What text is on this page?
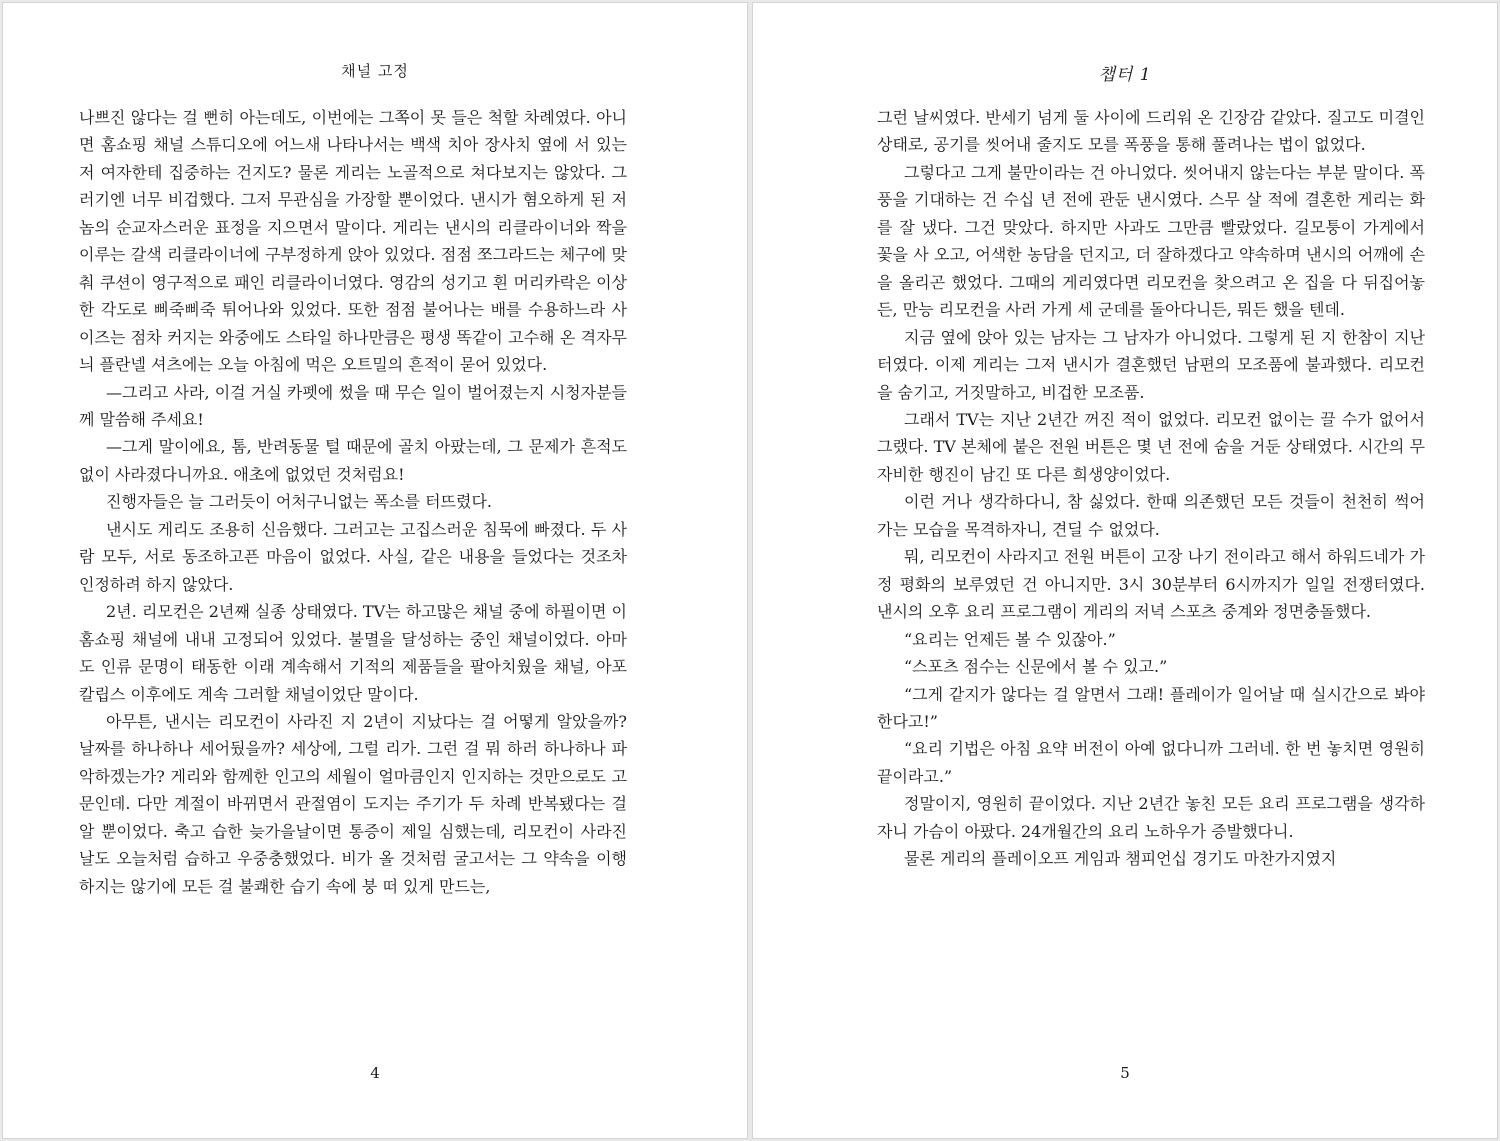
채널 고정

나쁘진 않다는 걸 뻔히 아는데도, 이번에는 그쪽이 못 들은 척할 차례였다. 아니면 홈쇼핑 채널 스튜디오에 어느새 나타나서는 백색 치아 장사치 옆에 서 있는 저 여자한테 집중하는 건지도? 물론 게리는 노골적으로 쳐다보지는 않았다. 그러기엔 너무 비겁했다. 그저 무관심을 가장할 뿐이었다. 낸시가 혐오하게 된 저놈의 순교자스러운 표정을 지으면서 말이다. 게리는 낸시의 리클라이너와 짝을 이루는 갈색 리클라이너에 구부정하게 앉아 있었다. 점점 쪼그라드는 체구에 맞춰 쿠션이 영구적으로 패인 리클라이너였다. 영감의 성기고 흰 머리카락은 이상한 각도로 삐죽삐죽 튀어나와 있었다. 또한 점점 불어나는 배를 수용하느라 사이즈는 점차 커지는 와중에도 스타일 하나만큼은 평생 똑같이 고수해 온 격자무늬 플란넬 셔츠에는 오늘 아침에 먹은 오트밀의 흔적이 묻어 있었다.

—그리고 사라, 이걸 거실 카펫에 썼을 때 무슨 일이 벌어졌는지 시청자분들께 말씀해 주세요!

—그게 말이에요, 톰, 반려동물 털 때문에 골치 아팠는데, 그 문제가 흔적도 없이 사라졌다니까요. 애초에 없었던 것처럼요!

진행자들은 늘 그러듯이 어처구니없는 폭소를 터뜨렸다.

낸시도 게리도 조용히 신음했다. 그러고는 고집스러운 침묵에 빠졌다. 두 사람 모두, 서로 동조하고픈 마음이 없었다. 사실, 같은 내용을 들었다는 것조차 인정하려 하지 않았다.

2년. 리모컨은 2년째 실종 상태였다. TV는 하고많은 채널 중에 하필이면 이 홈쇼핑 채널에 내내 고정되어 있었다. 불멸을 달성하는 중인 채널이었다. 아마도 인류 문명이 태동한 이래 계속해서 기적의 제품들을 팔아치웠을 채널, 아포칼립스 이후에도 계속 그러할 채널이었단 말이다.

아무튼, 낸시는 리모컨이 사라진 지 2년이 지났다는 걸 어떻게 알았을까? 날짜를 하나하나 세어뒀을까? 세상에, 그럴 리가. 그런 걸 뭐 하러 하나하나 파악하겠는가? 게리와 함께한 인고의 세월이 얼마큼인지 인지하는 것만으로도 고문인데. 다만 계절이 바뀌면서 관절염이 도지는 주기가 두 차례 반복됐다는 걸 알 뿐이었다. 축고 습한 늦가을날이면 통증이 제일 심했는데, 리모컨이 사라진 날도 오늘처럼 습하고 우중충했었다. 비가 올 것처럼 굴고서는 그 약속을 이행하지는 않기에 모든 걸 불쾌한 습기 속에 붕 떠 있게 만드는,

4
챕터 1

그런 날씨였다. 반세기 넘게 둘 사이에 드리워 온 긴장감 같았다. 질고도 미결인 상태로, 공기를 씻어내 줄지도 모를 폭풍을 통해 풀려나는 법이 없었다.

그렇다고 그게 불만이라는 건 아니었다. 씻어내지 않는다는 부분 말이다. 폭풍을 기대하는 건 수십 년 전에 관둔 낸시였다. 스무 살 적에 결혼한 게리는 화를 잘 냈다. 그건 맞았다. 하지만 사과도 그만큼 빨랐었다. 길모퉁이 가게에서 꽃을 사 오고, 어색한 농담을 던지고, 더 잘하겠다고 약속하며 낸시의 어깨에 손을 올리곤 했었다. 그때의 게리였다면 리모컨을 찾으려고 온 집을 다 뒤집어놓든, 만능 리모컨을 사러 가게 세 군데를 돌아다니든, 뭐든 했을 텐데.

지금 옆에 앉아 있는 남자는 그 남자가 아니었다. 그렇게 된 지 한참이 지난 터였다. 이제 게리는 그저 낸시가 결혼했던 남편의 모조품에 불과했다. 리모컨을 숨기고, 거짓말하고, 비겁한 모조품.

그래서 TV는 지난 2년간 꺼진 적이 없었다. 리모컨 없이는 끌 수가 없어서 그랬다. TV 본체에 붙은 전원 버튼은 몇 년 전에 숨을 거둔 상태였다. 시간의 무자비한 행진이 남긴 또 다른 희생양이었다.

이런 거나 생각하다니, 참 싫었다. 한때 의존했던 모든 것들이 천천히 썩어가는 모습을 목격하자니, 견딜 수 없었다.

뭐, 리모컨이 사라지고 전원 버튼이 고장 나기 전이라고 해서 하워드네가 가정 평화의 보루였던 건 아니지만. 3시 30분부터 6시까지가 일일 전쟁터였다. 낸시의 오후 요리 프로그램이 게리의 저녁 스포츠 중계와 정면충돌했다.

“요리는 언제든 볼 수 있잖아.”

“스포츠 점수는 신문에서 볼 수 있고.”

“그게 같지가 않다는 걸 알면서 그래! 플레이가 일어날 때 실시간으로 봐야 한다고!”

“요리 기법은 아침 요약 버전이 아예 없다니까 그러네. 한 번 놓치면 영원히 끝이라고.”

정말이지, 영원히 끝이었다. 지난 2년간 놓친 모든 요리 프로그램을 생각하자니 가슴이 아팠다. 24개월간의 요리 노하우가 증발했다니.

물론 게리의 플레이오프 게임과 챔피언십 경기도 마찬가지였지

5
